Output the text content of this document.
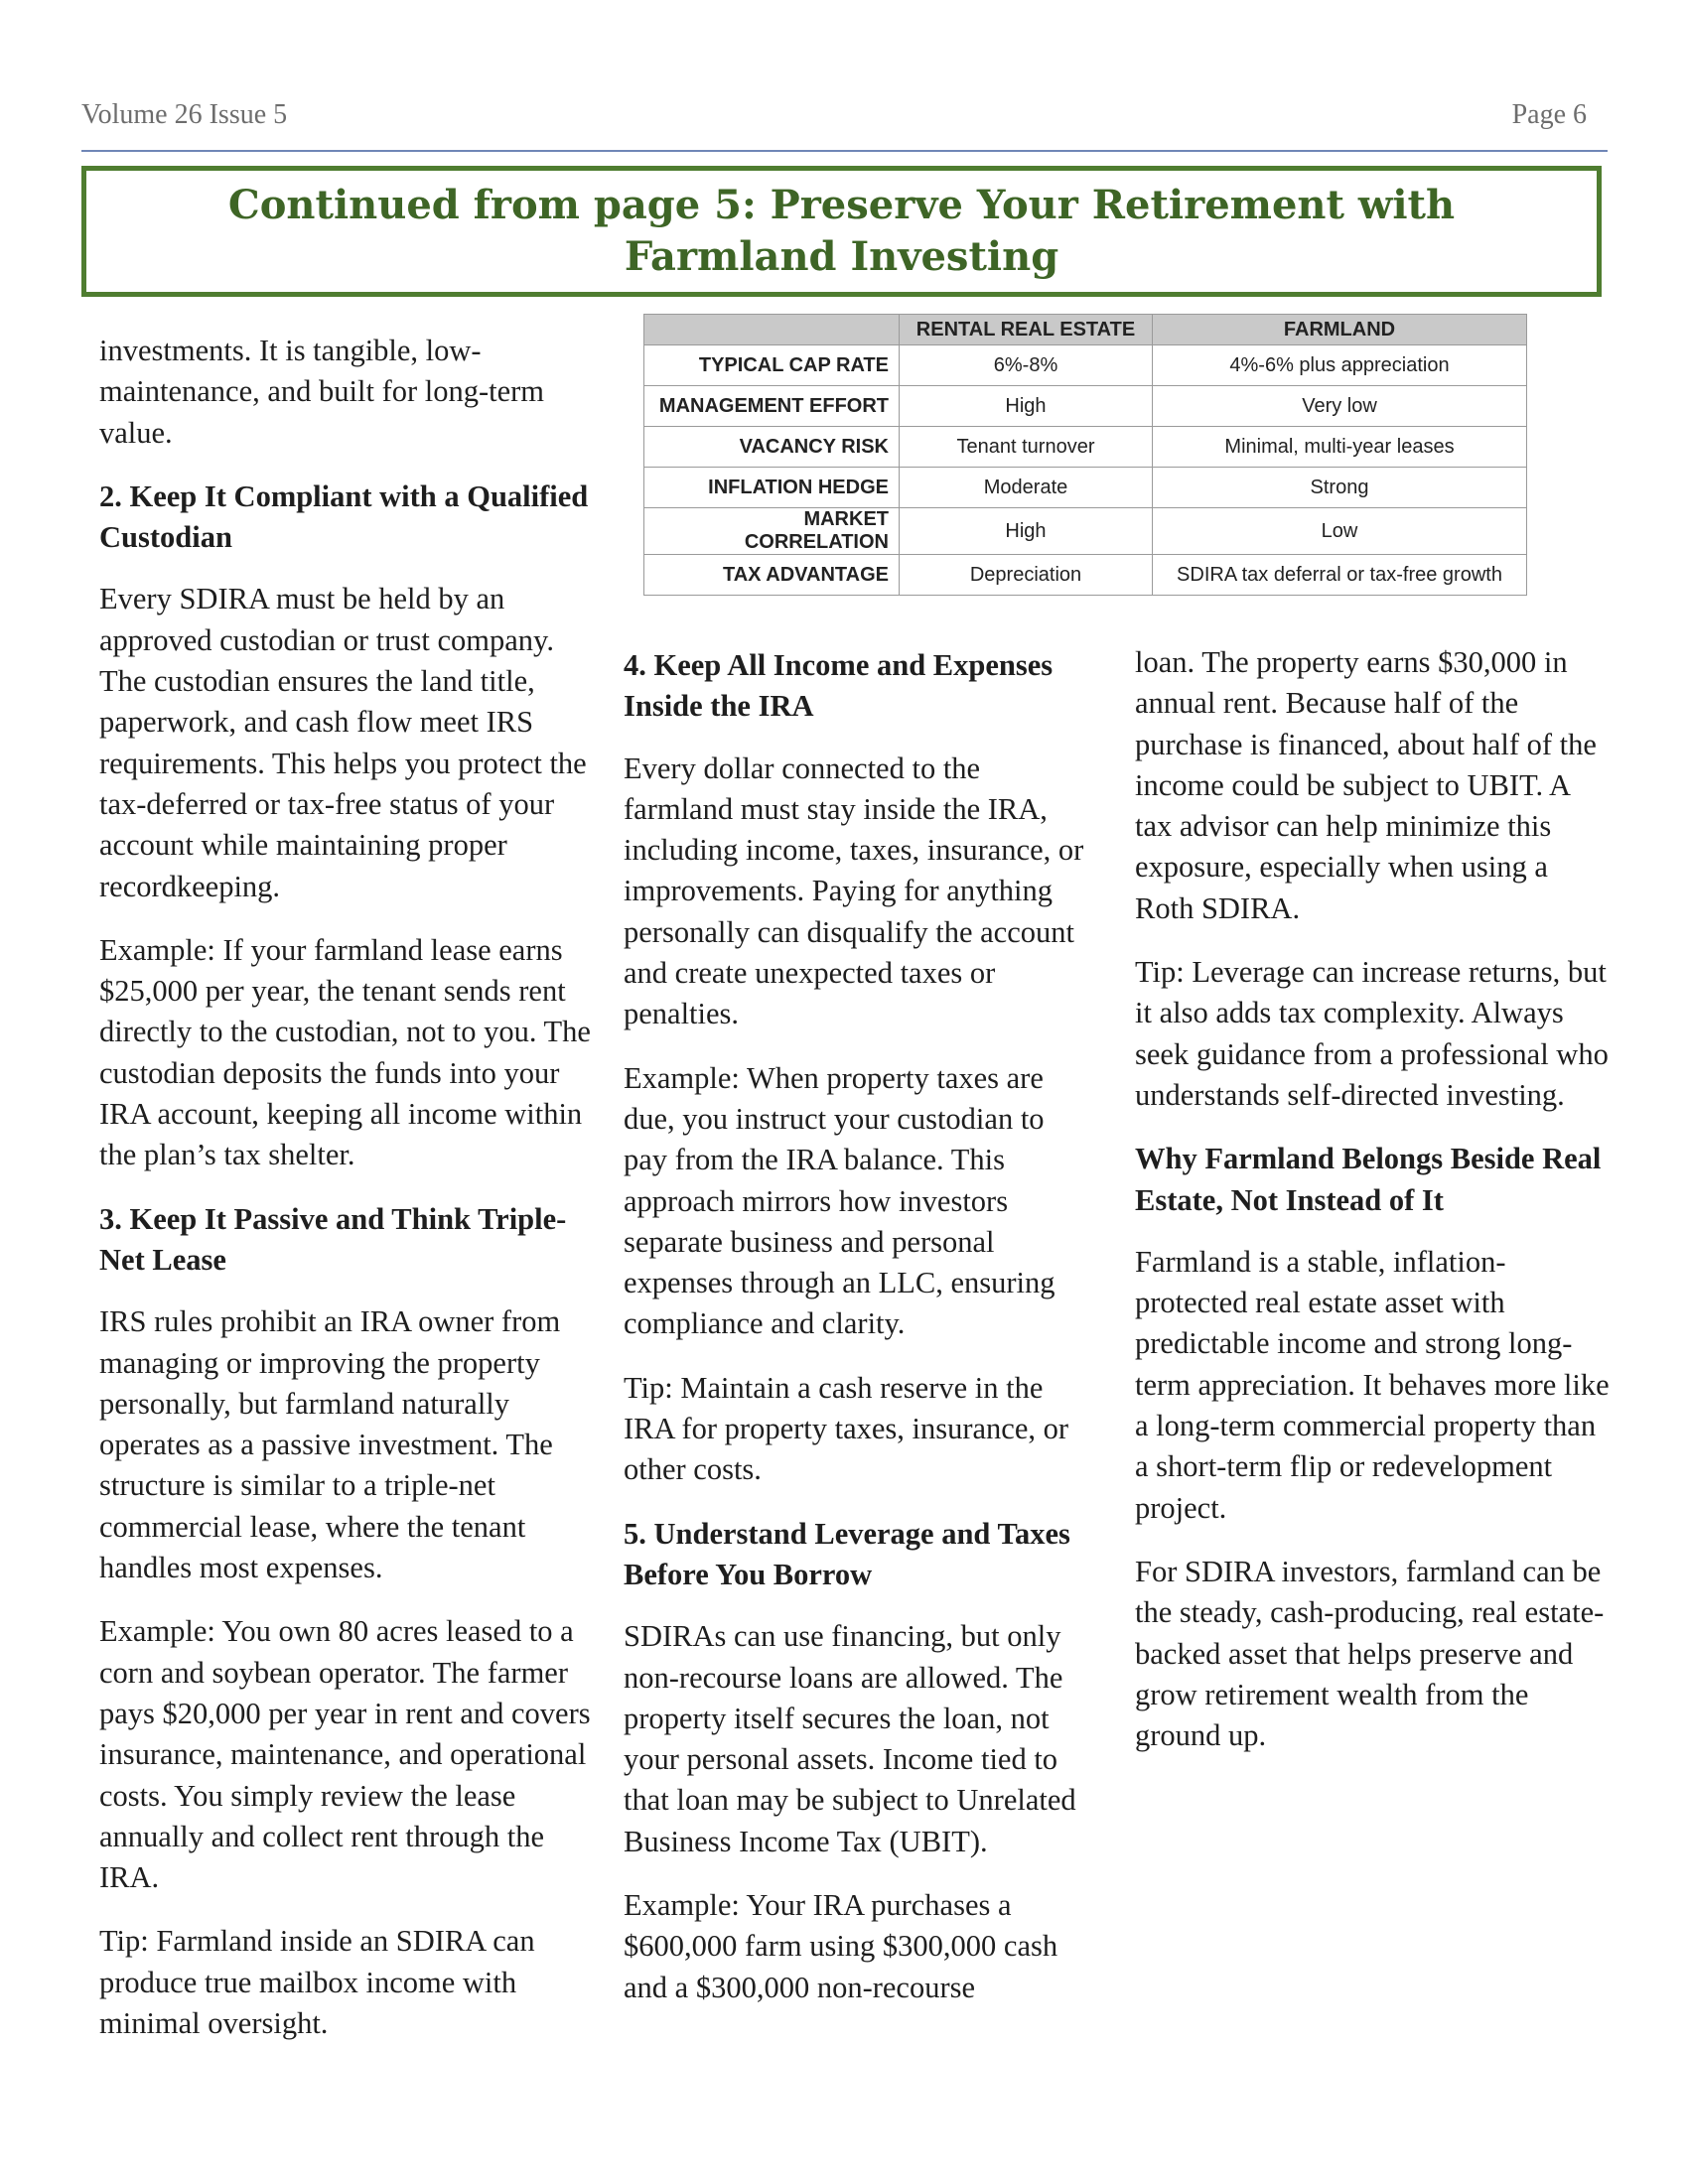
Volume 26 Issue 5	Page 6
Continued from page 5: Preserve Your Retirement with Farmland Investing
	RENTAL REAL ESTATE	FARMLAND
TYPICAL CAP RATE	6%-8%	4%-6% plus appreciation
MANAGEMENT EFFORT	High	Very low
VACANCY RISK	Tenant turnover	Minimal, multi-year leases
INFLATION HEDGE	Moderate	Strong
MARKET CORRELATION	High	Low
TAX ADVANTAGE	Depreciation	SDIRA tax deferral or tax-free growth

investments. It is tangible, low-maintenance, and built for long-term value.

2. Keep It Compliant with a Qualified Custodian

Every SDIRA must be held by an approved custodian or trust company. The custodian ensures the land title, paperwork, and cash flow meet IRS requirements. This helps you protect the tax-deferred or tax-free status of your account while maintaining proper recordkeeping.

Example: If your farmland lease earns $25,000 per year, the tenant sends rent directly to the custodian, not to you. The custodian deposits the funds into your IRA account, keeping all income within the plan’s tax shelter.

3. Keep It Passive and Think Triple-Net Lease

IRS rules prohibit an IRA owner from managing or improving the property personally, but farmland naturally operates as a passive investment. The structure is similar to a triple-net commercial lease, where the tenant handles most expenses.

Example: You own 80 acres leased to a corn and soybean operator. The farmer pays $20,000 per year in rent and covers insurance, maintenance, and operational costs. You simply review the lease annually and collect rent through the IRA.

Tip: Farmland inside an SDIRA can produce true mailbox income with minimal oversight.

4. Keep All Income and Expenses Inside the IRA

Every dollar connected to the farmland must stay inside the IRA, including income, taxes, insurance, or improvements. Paying for anything personally can disqualify the account and create unexpected taxes or penalties.

Example: When property taxes are due, you instruct your custodian to pay from the IRA balance. This approach mirrors how investors separate business and personal expenses through an LLC, ensuring compliance and clarity.

Tip: Maintain a cash reserve in the IRA for property taxes, insurance, or other costs.

5. Understand Leverage and Taxes Before You Borrow

SDIRAs can use financing, but only non-recourse loans are allowed. The property itself secures the loan, not your personal assets. Income tied to that loan may be subject to Unrelated Business Income Tax (UBIT).

Example: Your IRA purchases a $600,000 farm using $300,000 cash and a $300,000 non-recourse

loan. The property earns $30,000 in annual rent. Because half of the purchase is financed, about half of the income could be subject to UBIT. A tax advisor can help minimize this exposure, especially when using a Roth SDIRA.

Tip: Leverage can increase returns, but it also adds tax complexity. Always seek guidance from a professional who understands self-directed investing.

Why Farmland Belongs Beside Real Estate, Not Instead of It

Farmland is a stable, inflation-protected real estate asset with predictable income and strong long-term appreciation. It behaves more like a long-term commercial property than a short-term flip or redevelopment project.

For SDIRA investors, farmland can be the steady, cash-producing, real estate-backed asset that helps preserve and grow retirement wealth from the ground up.
